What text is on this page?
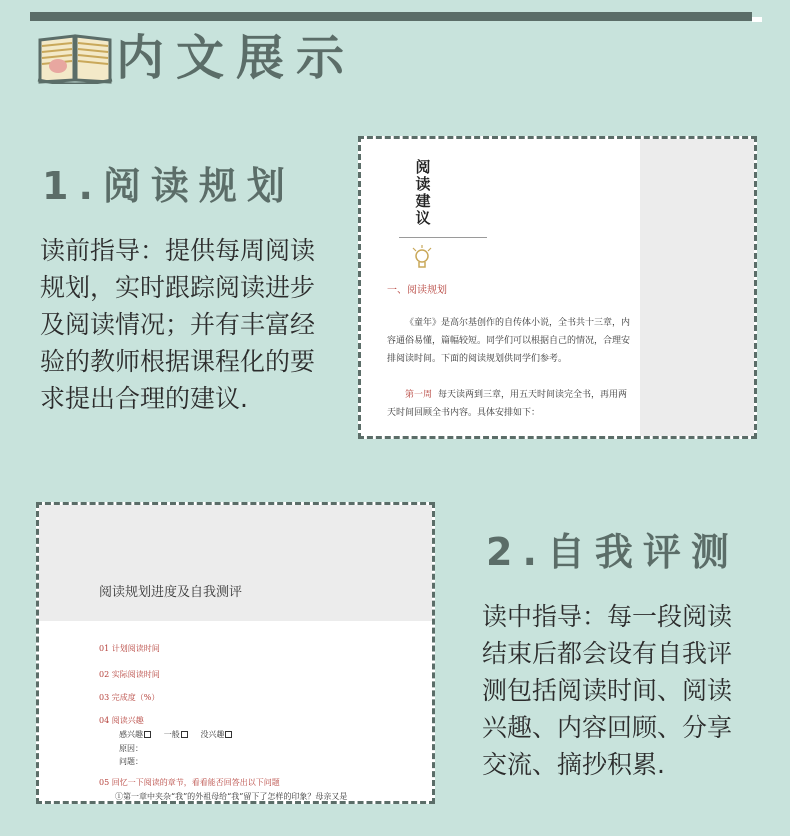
内文展示
1.阅读规划
读前指导：提供每周阅读规划，实时跟踪阅读进步及阅读情况；并有丰富经验的教师根据课程化的要求提出合理的建议.
阅读建议
一、阅读规划
《童年》是高尔基创作的自传体小说，全书共十三章，内容通俗易懂，篇幅较短。同学们可以根据自己的情况，合理安排阅读时间。下面的阅读规划供同学们参考。
第一周 每天读两到三章，用五天时间读完全书，再用两天时间回顾全书内容。具体安排如下：
阅读规划进度及自我测评
01 计划阅读时间
02 实际阅读时间
03 完成度（%）
04 阅读兴趣
感兴趣	一般	没兴趣
原因：
问题：
05 回忆一下阅读的章节，看看能否回答出以下问题
①第一章中夹杂“我”的外祖母给“我”留下了怎样的印象？母亲又是
2.自我评测
读中指导：每一段阅读结束后都会设有自我评测包括阅读时间、阅读兴趣、内容回顾、分享交流、摘抄积累.
